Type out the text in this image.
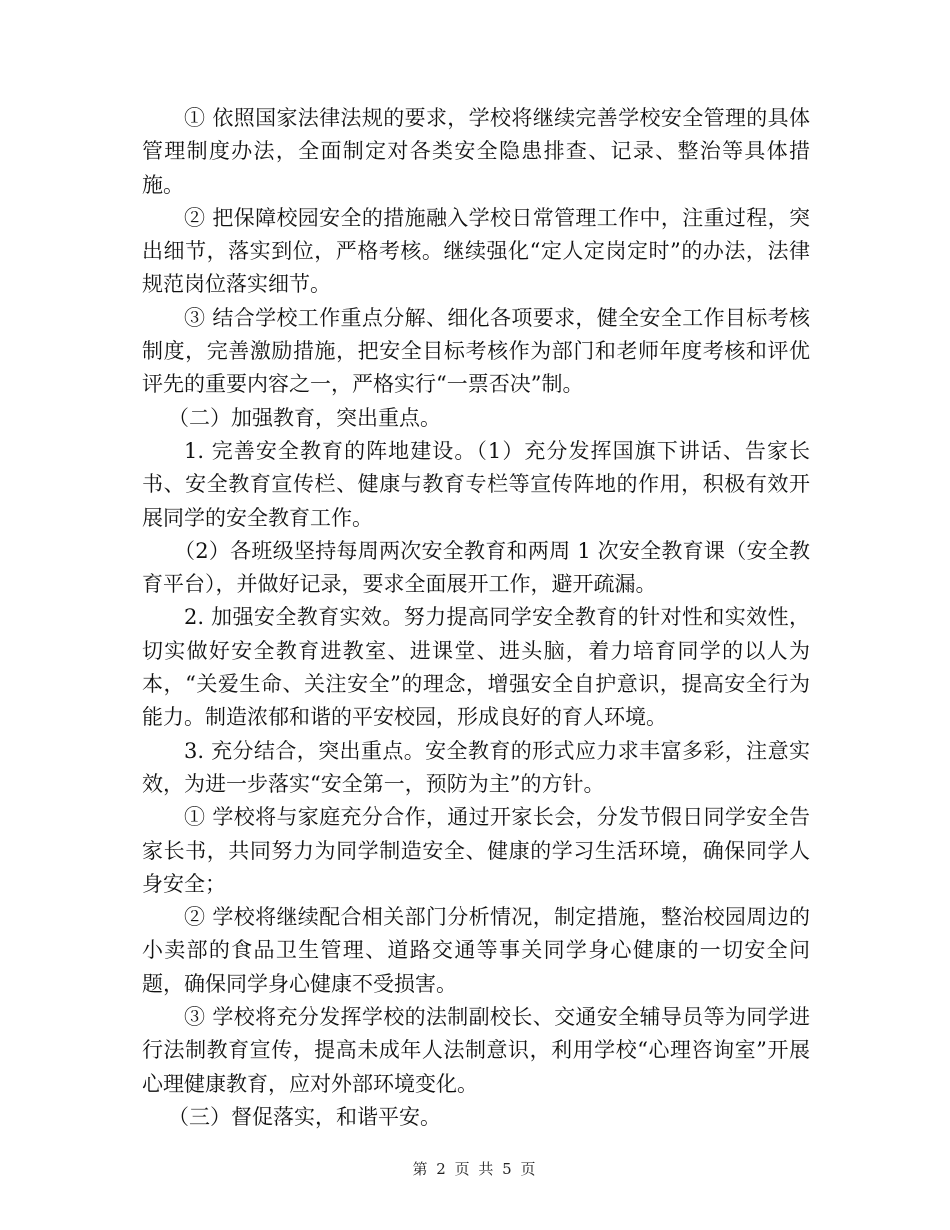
① 依照国家法律法规的要求，学校将继续完善学校安全管理的具体管理制度办法，全面制定对各类安全隐患排查、记录、整治等具体措施。

② 把保障校园安全的措施融入学校日常管理工作中，注重过程，突出细节，落实到位，严格考核。继续强化“定人定岗定时”的办法，法律规范岗位落实细节。

③ 结合学校工作重点分解、细化各项要求，健全安全工作目标考核制度，完善激励措施，把安全目标考核作为部门和老师年度考核和评优评先的重要内容之一，严格实行“一票否决”制。

（二）加强教育，突出重点。

1. 完善安全教育的阵地建设。（1）充分发挥国旗下讲话、告家长书、安全教育宣传栏、健康与教育专栏等宣传阵地的作用，积极有效开展同学的安全教育工作。

（2）各班级坚持每周两次安全教育和两周 1 次安全教育课（安全教育平台），并做好记录，要求全面展开工作，避开疏漏。

2. 加强安全教育实效。努力提高同学安全教育的针对性和实效性，切实做好安全教育进教室、进课堂、进头脑，着力培育同学的以人为本，“关爱生命、关注安全”的理念，增强安全自护意识，提高安全行为能力。制造浓郁和谐的平安校园，形成良好的育人环境。

3. 充分结合，突出重点。安全教育的形式应力求丰富多彩，注意实效，为进一步落实“安全第一，预防为主”的方针。

① 学校将与家庭充分合作，通过开家长会，分发节假日同学安全告家长书，共同努力为同学制造安全、健康的学习生活环境，确保同学人身安全；

② 学校将继续配合相关部门分析情况，制定措施，整治校园周边的小卖部的食品卫生管理、道路交通等事关同学身心健康的一切安全问题，确保同学身心健康不受损害。

③ 学校将充分发挥学校的法制副校长、交通安全辅导员等为同学进行法制教育宣传，提高未成年人法制意识，利用学校“心理咨询室”开展心理健康教育，应对外部环境变化。

（三）督促落实，和谐平安。

第 2 页 共 5 页
